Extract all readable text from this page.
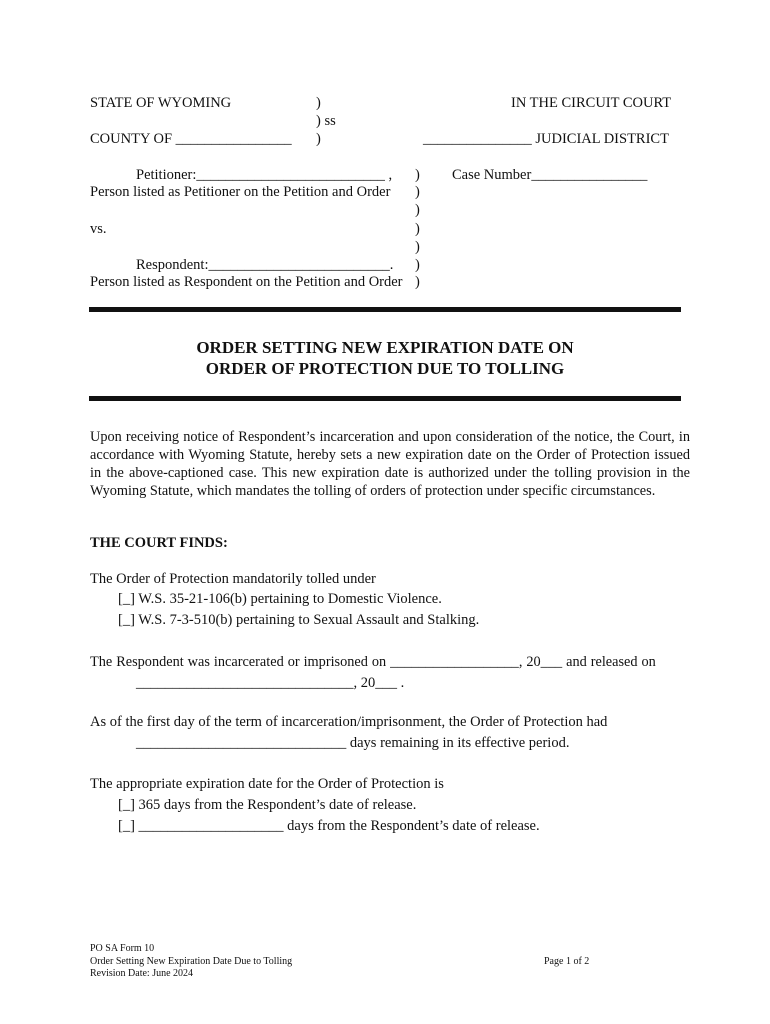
STATE OF WYOMING	)
) ss
COUNTY OF ________________ )
IN THE CIRCUIT COURT
_______________ JUDICIAL DISTRICT
Petitioner:__________________________ ,
Person listed as Petitioner on the Petition and Order
Case Number________________
vs.
Respondent:_________________________.
Person listed as Respondent on the Petition and Order
)
)
)
)
)
)
)
ORDER SETTING NEW EXPIRATION DATE ON
ORDER OF PROTECTION DUE TO TOLLING
Upon receiving notice of Respondent’s incarceration and upon consideration of the notice, the Court, in accordance with Wyoming Statute, hereby sets a new expiration date on the Order of Protection issued in the above-captioned case. This new expiration date is authorized under the tolling provision in the Wyoming Statute, which mandates the tolling of orders of protection under specific circumstances.
THE COURT FINDS:
The Order of Protection mandatorily tolled under
[_] W.S. 35-21-106(b) pertaining to Domestic Violence.
[_] W.S. 7-3-510(b) pertaining to Sexual Assault and Stalking.
The Respondent was incarcerated or imprisoned on __________________, 20___ and released on
______________________________, 20___ .
As of the first day of the term of incarceration/imprisonment, the Order of Protection had
_____________________________ days remaining in its effective period.
The appropriate expiration date for the Order of Protection is
[_] 365 days from the Respondent’s date of release.
[_] ____________________ days from the Respondent’s date of release.
PO SA Form 10
Order Setting New Expiration Date Due to Tolling
Revision Date: June 2024
Page 1 of 2
